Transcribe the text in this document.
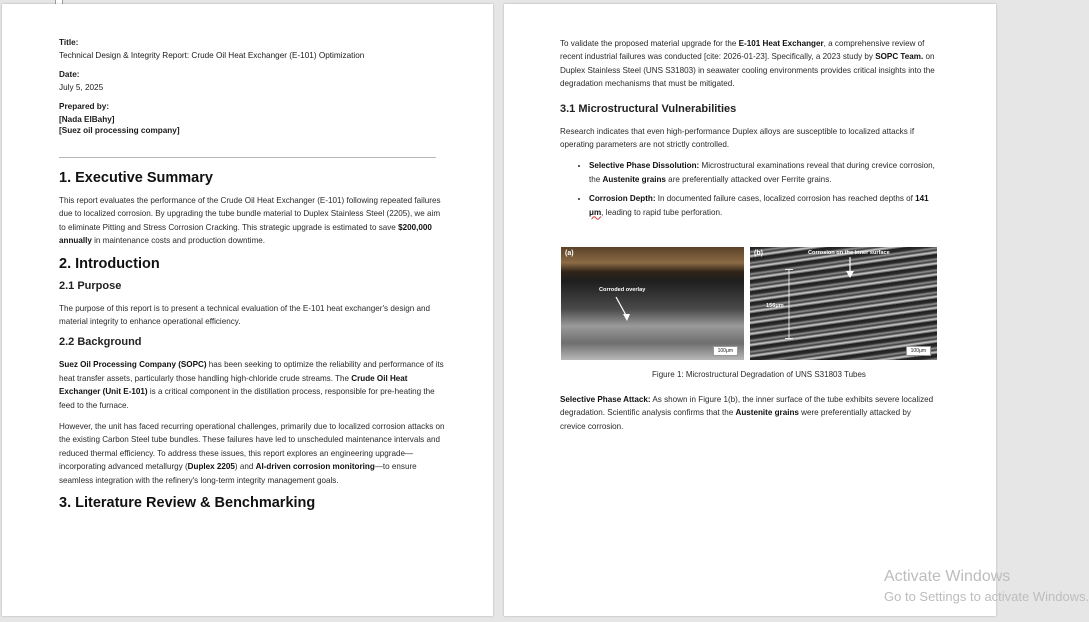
Title:

Technical Design & Integrity Report: Crude Oil Heat Exchanger (E-101) Optimization

Date:

July 5, 2025

Prepared by:

[Nada ElBahy]

[Suez oil processing company]

1. Executive Summary

This report evaluates the performance of the Crude Oil Heat Exchanger (E-101) following repeated failures due to localized corrosion. By upgrading the tube bundle material to Duplex Stainless Steel (2205), we aim to eliminate Pitting and Stress Corrosion Cracking. This strategic upgrade is estimated to save $200,000 annually in maintenance costs and production downtime.

2. Introduction
2.1 Purpose

The purpose of this report is to present a technical evaluation of the E-101 heat exchanger's design and material integrity to enhance operational efficiency.

2.2 Background

Suez Oil Processing Company (SOPC) has been seeking to optimize the reliability and performance of its heat transfer assets, particularly those handling high-chloride crude streams. The Crude Oil Heat Exchanger (Unit E-101) is a critical component in the distillation process, responsible for pre-heating the feed to the furnace.

However, the unit has faced recurring operational challenges, primarily due to localized corrosion attacks on the existing Carbon Steel tube bundles. These failures have led to unscheduled maintenance intervals and reduced thermal efficiency. To address these issues, this report explores an engineering upgrade—incorporating advanced metallurgy (Duplex 2205) and AI-driven corrosion monitoring—to ensure seamless integration with the refinery's long-term integrity management goals.

3. Literature Review & Benchmarking

To validate the proposed material upgrade for the E-101 Heat Exchanger, a comprehensive review of recent industrial failures was conducted [cite: 2026-01-23]. Specifically, a 2023 study by SOPC Team. on Duplex Stainless Steel (UNS S31803) in seawater cooling environments provides critical insights into the degradation mechanisms that must be mitigated.

3.1 Microstructural Vulnerabilities

Research indicates that even high-performance Duplex alloys are susceptible to localized attacks if operating parameters are not strictly controlled.

• Selective Phase Dissolution: Microstructural examinations reveal that during crevice corrosion, the Austenite grains are preferentially attacked over Ferrite grains.
• Corrosion Depth: In documented failure cases, localized corrosion has reached depths of 141 μm, leading to rapid tube perforation.
(a)
Corroded overlay
100μm
(b)	Corrosion on the inner surface
156μm
100μm

Figure 1: Microstructural Degradation of UNS S31803 Tubes

Selective Phase Attack: As shown in Figure 1(b), the inner surface of the tube exhibits severe localized degradation. Scientific analysis confirms that the Austenite grains were preferentially attacked by crevice corrosion.

Activate Windows
Go to Settings to activate Windows.
